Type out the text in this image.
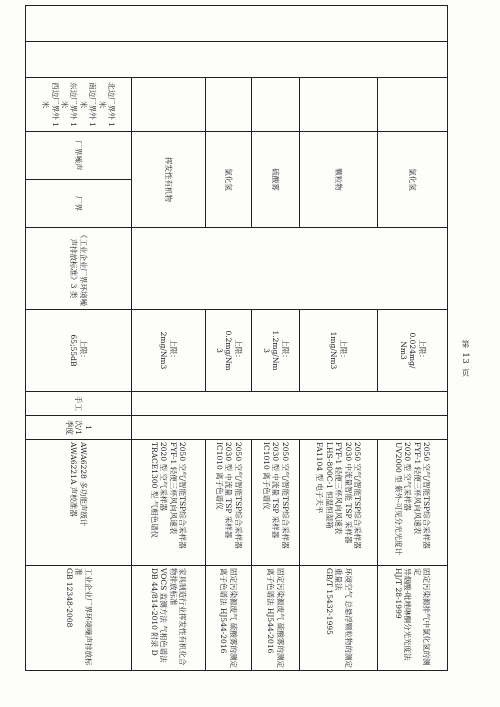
			氯化氢			上限：
0.024mg/
Nm3			2050 空气/智能TSP综合采样器
FYF-1 轻便三杯风向风速表
2020 型 空气采样器
UV2000 型 紫外-可见分光光度计	固定污染源排气中氯化氢的测定
异烟酸-吡唑啉酮分光光度法 HJ/T 28-1999

			颗粒物			上限：
1mg/Nm3			2050 空气/智能TSP综合采样器
2030 中流量智能 TSP 采样器 FYF-1 轻便三杯风向风速表
LHS-800C-1 恒温恒湿箱
FA1104 型 电子天平	环境空气 总悬浮颗粒物的测定 重量法
GB/T 15432-1995

			硫酸雾			上限：
1.2mg/Nm
3			2050 空气/智能TSP综合采样器
2030 型 中流量 TSP 采样器
IC1010 离子色谱仪	固定污染源废气 硫酸雾的测定
离子色谱法 HJ544-2016

			氯化氢			上限：
0.2mg/Nm
3			2050 空气/智能TSP综合采样器
2030 型 中流量 TSP 采样器
IC1010 离子色谱仪	固定污染源废气 硫酸雾的测定
离子色谱法 HJ544-2016

			挥发性有机物			上限：
2mg/Nm3			2050 空气/智能TSP综合采样器
FYF-1 轻便三杯风向风速表
2020 型 空气采样器
TRACE1300 型 气相色谱仪	家具制造行业挥发性有机化合物排放标准
VOCS 监测方法 气相色谱法
DB 44/814-2010 附录 D

		北边厂界外 1 米
南边厂界外 1 米
东边厂界外 1 米
西边厂界外 1 米	厂界噪声	厂界	《工业企业厂界环境噪声排放标准》3 类	上限：
65;55dB	手工	1 次/1 季度	AWA6228 多功能声级计
AWA6221A 声校准器	工业企业厂界环境噪声排放标准
GB 12348-2008
第 13 页
